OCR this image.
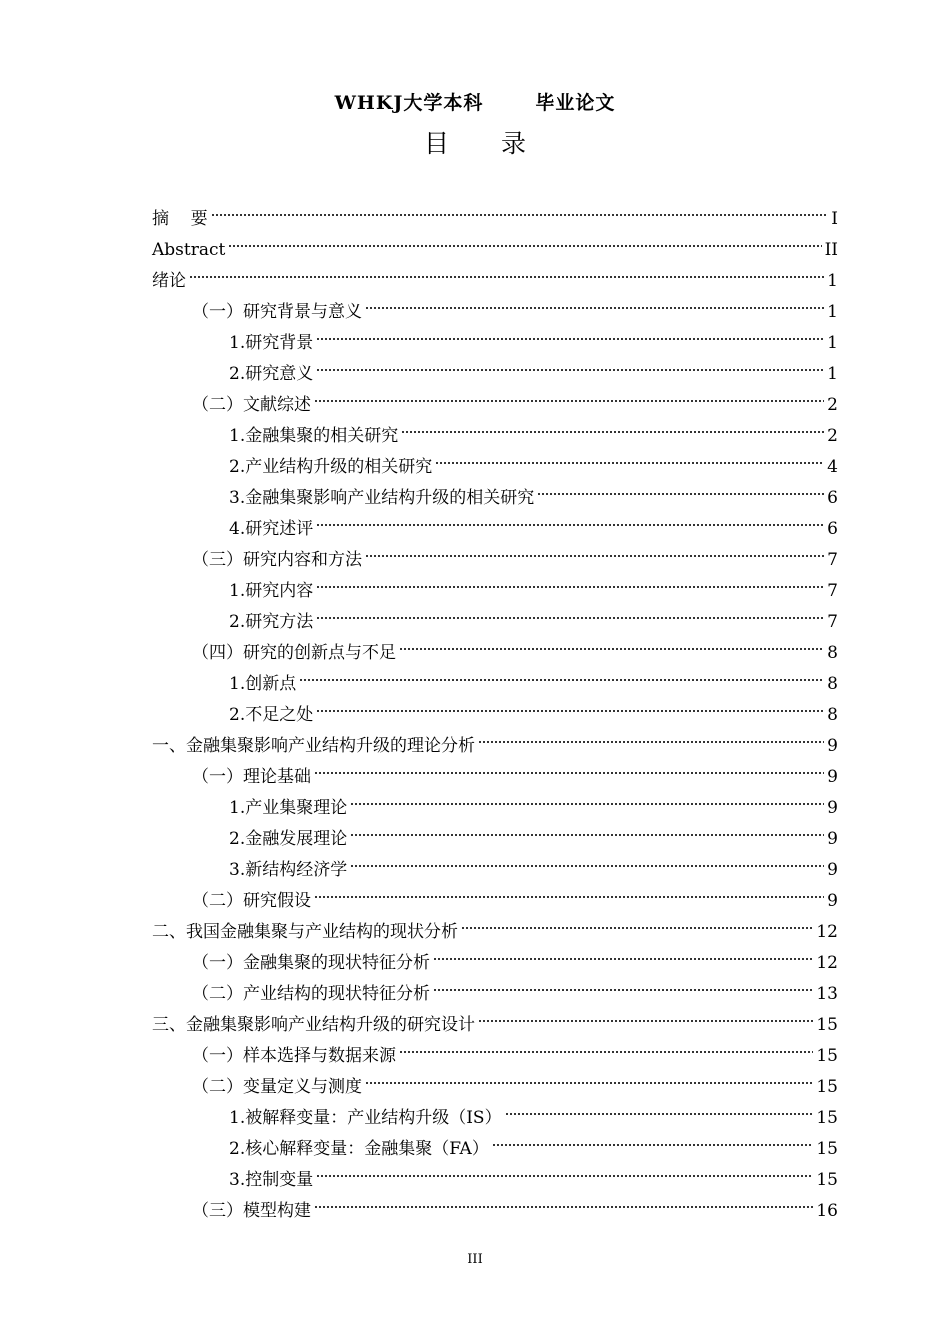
WHKJ大学本科	毕业论文
目 录
摘    要	I
Abstract	II
绪论	1
（一）研究背景与意义	1
1.研究背景	1
2.研究意义	1
（二）文献综述	2
1.金融集聚的相关研究	2
2.产业结构升级的相关研究	4
3.金融集聚影响产业结构升级的相关研究	6
4.研究述评	6
（三）研究内容和方法	7
1.研究内容	7
2.研究方法	7
（四）研究的创新点与不足	8
1.创新点	8
2.不足之处	8
一、金融集聚影响产业结构升级的理论分析	9
（一）理论基础	9
1.产业集聚理论	9
2.金融发展理论	9
3.新结构经济学	9
（二）研究假设	9
二、我国金融集聚与产业结构的现状分析	12
（一）金融集聚的现状特征分析	12
（二）产业结构的现状特征分析	13
三、金融集聚影响产业结构升级的研究设计	15
（一）样本选择与数据来源	15
（二）变量定义与测度	15
1.被解释变量：产业结构升级（IS）	15
2.核心解释变量：金融集聚（FA）	15
3.控制变量	15
（三）模型构建	16
III
